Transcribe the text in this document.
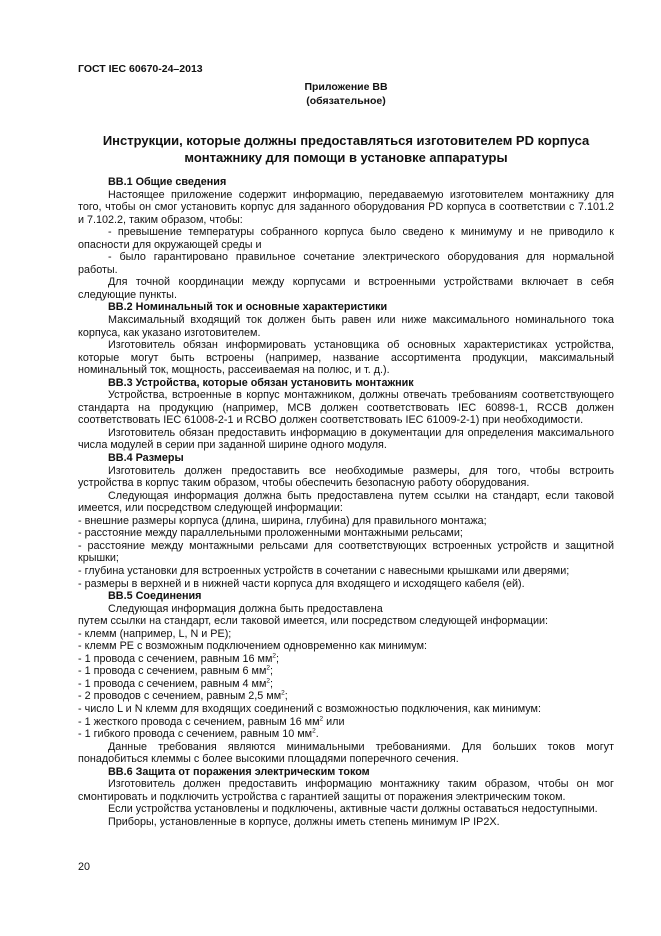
ГОСТ IEC 60670-24–2013
Приложение ВВ
(обязательное)
Инструкции, которые должны предоставляться изготовителем PD корпуса
монтажнику для помощи в установке аппаратуры

ВВ.1 Общие сведения

Настоящее приложение содержит информацию, передаваемую изготовителем монтажнику для того, чтобы он смог установить корпус для заданного оборудования PD корпуса в соответствии с 7.101.2 и 7.102.2, таким образом, чтобы:

- превышение температуры собранного корпуса было сведено к минимуму и не приводило к опасности для окружающей среды и

- было гарантировано правильное сочетание электрического оборудования для нормальной работы.

Для точной координации между корпусами и встроенными устройствами включает в себя следующие пункты.

ВВ.2 Номинальный ток и основные характеристики

Максимальный входящий ток должен быть равен или ниже максимального номинального тока корпуса, как указано изготовителем.

Изготовитель обязан информировать установщика об основных характеристиках устройства, которые могут быть встроены (например, название ассортимента продукции, максимальный номинальный ток, мощность, рассеиваемая на полюс, и т. д.).

ВВ.3 Устройства, которые обязан установить монтажник

Устройства, встроенные в корпус монтажником, должны отвечать требованиям соответствующего стандарта на продукцию (например, МСВ должен соответствовать IEC 60898-1, RCCB должен соответствовать IEC 61008-2-1 и RCBO должен соответствовать IEC 61009-2-1) при необходимости.

Изготовитель обязан предоставить информацию в документации для определения максимального числа модулей в серии при заданной ширине одного модуля.

ВВ.4 Размеры

Изготовитель должен предоставить все необходимые размеры, для того, чтобы встроить устройства в корпус таким образом, чтобы обеспечить безопасную работу оборудования.

Следующая информация должна быть предоставлена путем ссылки на стандарт, если таковой имеется, или посредством следующей информации:

- внешние размеры корпуса (длина, ширина, глубина) для правильного монтажа;

- расстояние между параллельными проложенными монтажными рельсами;

- расстояние между монтажными рельсами для соответствующих встроенных устройств и защитной крышки;

- глубина установки для встроенных устройств в сочетании с навесными крышками или дверями;

- размеры в верхней и в нижней части корпуса для входящего и исходящего кабеля (ей).

ВВ.5 Соединения

Следующая информация должна быть предоставлена

путем ссылки на стандарт, если таковой имеется, или посредством следующей информации:

- клемм (например, L, N и PE);

- клемм PE с возможным подключением одновременно как минимум:

- 1 провода с сечением, равным 16 $мм^2$;

- 1 провода с сечением, равным 6 $мм^2$;

- 1 провода с сечением, равным 4 $мм^2$;

- 2 проводов с сечением, равным 2,5 $мм^2$;

- число L и N клемм для входящих соединений с возможностью подключения, как минимум:

- 1 жесткого провода с сечением, равным 16 $мм^2$ или

- 1 гибкого провода с сечением, равным 10 $мм^2$.

Данные требования являются минимальными требованиями. Для больших токов могут понадобиться клеммы с более высокими площадями поперечного сечения.

ВВ.6 Защита от поражения электрическим током

Изготовитель должен предоставить информацию монтажнику таким образом, чтобы он мог смонтировать и подключить устройства с гарантией защиты от поражения электрическим током.

Если устройства установлены и подключены, активные части должны оставаться недоступными.

Приборы, установленные в корпусе, должны иметь степень минимум IP IP2X.

20
